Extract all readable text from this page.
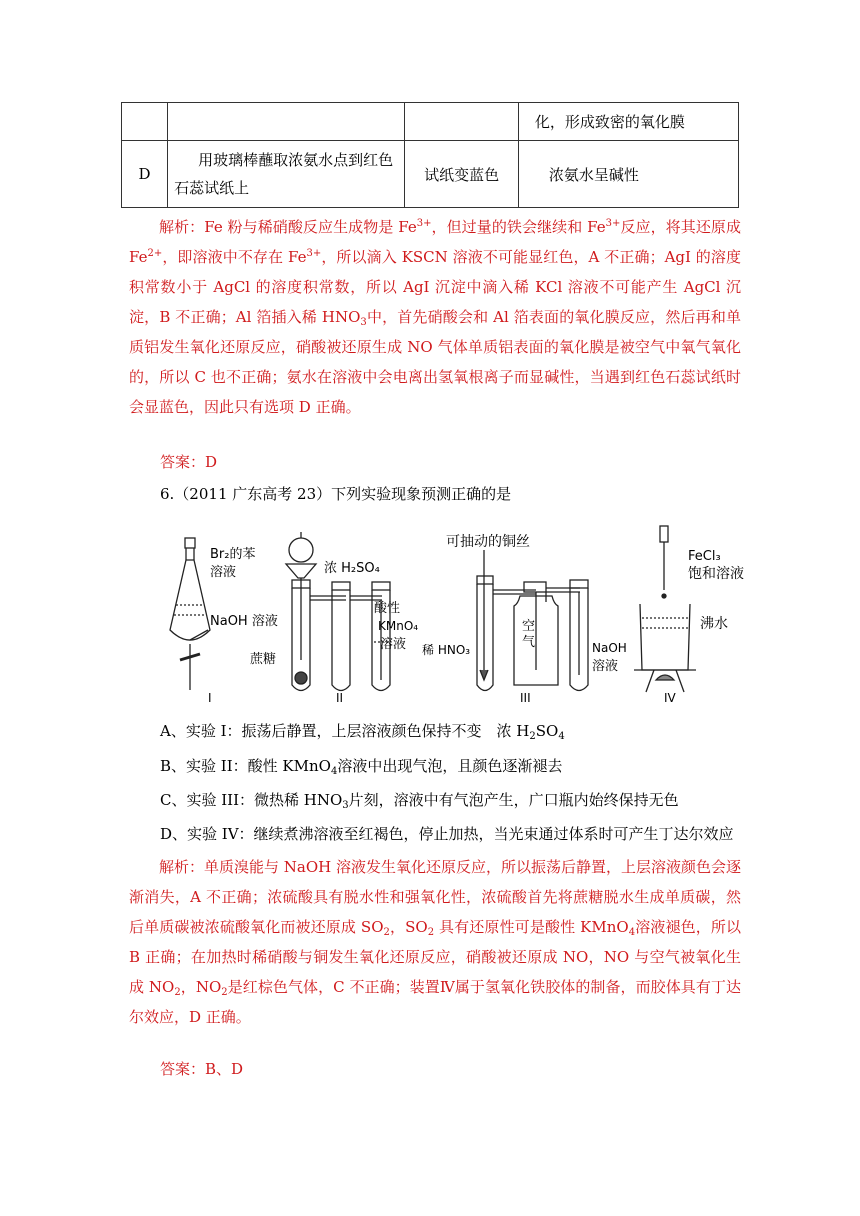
			化，形成致密的氧化膜
D	用玻璃棒蘸取浓氨水点到红色石蕊试纸上	试纸变蓝色	浓氨水呈碱性
解析：Fe 粉与稀硝酸反应生成物是 $Fe^{3+}$，但过量的铁会继续和 $Fe^{3+}$反应，将其还原成 $Fe^{2+}$，即溶液中不存在 $Fe^{3+}$，所以滴入 KSCN 溶液不可能显红色，A 不正确；AgI 的溶度积常数小于 AgCl 的溶度积常数，所以 AgI 沉淀中滴入稀 KCl 溶液不可能产生 AgCl 沉淀，B 不正确；Al 箔插入稀 $HNO_3$中，首先硝酸会和 Al 箔表面的氧化膜反应，然后再和单质铝发生氧化还原反应，硝酸被还原生成 NO 气体单质铝表面的氧化膜是被空气中氧气氧化的，所以 C 也不正确；氨水在溶液中会电离出氢氧根离子而显碱性，当遇到红色石蕊试纸时会显蓝色，因此只有选项 D 正确。
答案：D
6.（2011 广东高考 23）下列实验现象预测正确的是
Br₂的苯
溶液
NaOH 溶液
I
浓 H₂SO₄
酸性
KMnO₄
溶液
蔗糖
II
可抽动的铜丝
空
气
稀 HNO₃	NaOH
溶液
III
FeCl₃
饱和溶液
沸水
IV
A、实验 I：振荡后静置，上层溶液颜色保持不变　浓 $H_2SO_4$
B、实验 II：酸性 KMnO$_4$溶液中出现气泡，且颜色逐渐褪去
C、实验 III：微热稀 $HNO_3$片刻，溶液中有气泡产生，广口瓶内始终保持无色
D、实验 IV：继续煮沸溶液至红褐色，停止加热，当光束通过体系时可产生丁达尔效应
解析：单质溴能与 NaOH 溶液发生氧化还原反应，所以振荡后静置，上层溶液颜色会逐渐消失，A 不正确；浓硫酸具有脱水性和强氧化性，浓硫酸首先将蔗糖脱水生成单质碳，然后单质碳被浓硫酸氧化而被还原成 $SO_2$，$SO_2$ 具有还原性可是酸性 KMnO$_4$溶液褪色，所以 B 正确；在加热时稀硝酸与铜发生氧化还原反应，硝酸被还原成 NO，NO 与空气被氧化生成 $NO_2$，$NO_2$是红棕色气体，C 不正确；装置Ⅳ属于氢氧化铁胶体的制备，而胶体具有丁达尔效应，D 正确。
答案：B、D
